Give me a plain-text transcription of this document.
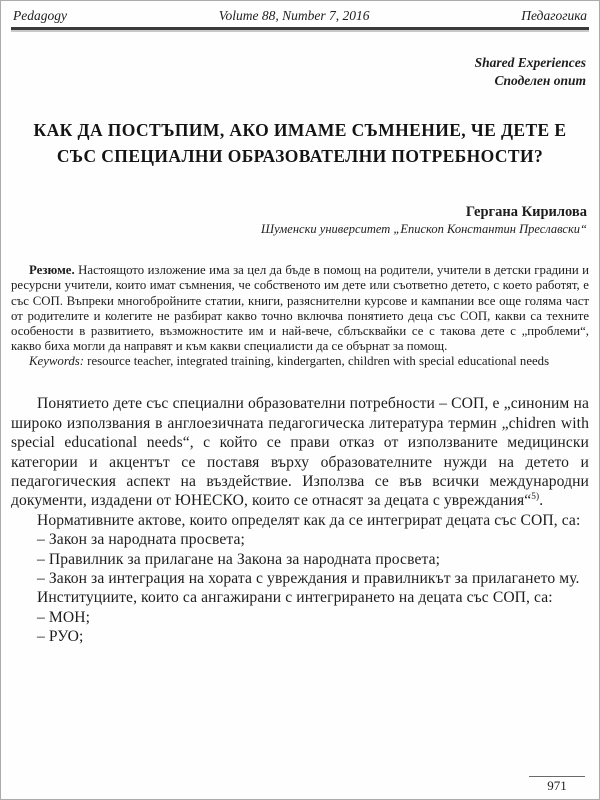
Pedagogy	Volume 88, Number 7, 2016	Педагогика
Shared Experiences
Споделен опит
КАК ДА ПОСТЪПИМ, АКО ИМАМЕ СЪМНЕНИЕ, ЧЕ ДЕТЕ Е СЪС СПЕЦИАЛНИ ОБРАЗОВАТЕЛНИ ПОТРЕБНОСТИ?
Гергана Кирилова
Шуменски университет „Епископ Константин Преславски“

Резюме. Настоящото изложение има за цел да бъде в помощ на родители, учители в детски градини и ресурсни учители, които имат съмнения, че собственото им дете или съответно детето, с което работят, е със СОП. Въпреки многобройните статии, книги, разяснителни курсове и кампании все още голяма част от родителите и колегите не разбират какво точно включва понятието деца със СОП, какви са техните особености в развитието, възможностите им и най-вече, сблъсквайки се с такова дете с „проблеми“, какво биха могли да направят и към какви специалисти да се обърнат за помощ.

Keywords: resource teacher, integrated training, kindergarten, children with special educational needs

Понятието дете със специални образователни потребности – СОП, е „синоним на широко използвания в англоезичната педагогическа литература термин „chidren with special educational needs“, с който се прави отказ от използваните медицински категории и акцентът се поставя върху образователните нужди на детето и педагогическия аспект на въздействие. Използва се във всички международни документи, издадени от ЮНЕСКО, които се отнасят за децата с увреждания“$^{5)}$.

Нормативните актове, които определят как да се интегрират децата със СОП, са:

– Закон за народната просвета;

– Правилник за прилагане на Закона за народната просвета;

– Закон за интеграция на хората с увреждания и правилникът за прилагането му.

Институциите, които са ангажирани с интегрирането на децата със СОП, са:

– МОН;

– РУО;

971
